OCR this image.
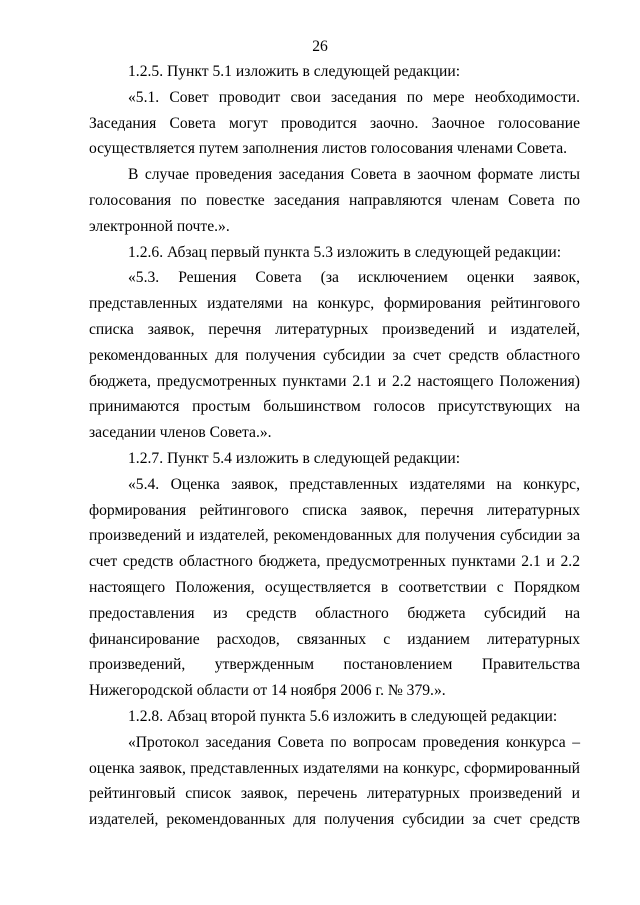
26

1.2.5. Пункт 5.1 изложить в следующей редакции:

«5.1. Совет проводит свои заседания по мере необходимости. Заседания Совета могут проводится заочно. Заочное голосование осуществляется путем заполнения листов голосования членами Совета.

В случае проведения заседания Совета в заочном формате листы голосования по повестке заседания направляются членам Совета по электронной почте.».

1.2.6. Абзац первый пункта 5.3 изложить в следующей редакции:

«5.3. Решения Совета (за исключением оценки заявок, представленных издателями на конкурс, формирования рейтингового списка заявок, перечня литературных произведений и издателей, рекомендованных для получения субсидии за счет средств областного бюджета, предусмотренных пунктами 2.1 и 2.2 настоящего Положения) принимаются простым большинством голосов присутствующих на заседании членов Совета.».

1.2.7. Пункт 5.4 изложить в следующей редакции:

«5.4. Оценка заявок, представленных издателями на конкурс, формирования рейтингового списка заявок, перечня литературных произведений и издателей, рекомендованных для получения субсидии за счет средств областного бюджета, предусмотренных пунктами 2.1 и 2.2 настоящего Положения, осуществляется в соответствии с Порядком предоставления из средств областного бюджета субсидий на финансирование расходов, связанных с изданием литературных произведений, утвержденным постановлением Правительства Нижегородской области от 14 ноября 2006 г. № 379.».

1.2.8. Абзац второй пункта 5.6 изложить в следующей редакции:

«Протокол заседания Совета по вопросам проведения конкурса – оценка заявок, представленных издателями на конкурс, сформированный рейтинговый список заявок, перечень литературных произведений и издателей, рекомендованных для получения субсидии за счет средств
